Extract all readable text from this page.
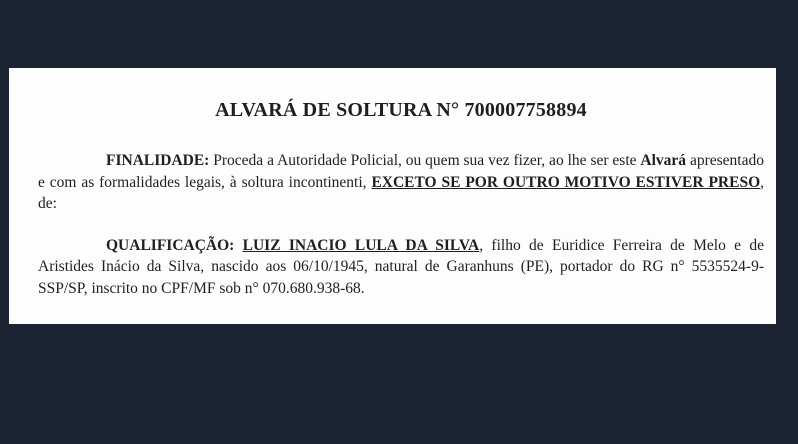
ALVARÁ DE SOLTURA N° 700007758894

FINALIDADE: Proceda a Autoridade Policial, ou quem sua vez fizer, ao lhe ser este Alvará apresentado e com as formalidades legais, à soltura incontinenti, EXCETO SE POR OUTRO MOTIVO ESTIVER PRESO, de:

QUALIFICAÇÃO: LUIZ INACIO LULA DA SILVA, filho de Euridice Ferreira de Melo e de Aristides Inácio da Silva, nascido aos 06/10/1945, natural de Garanhuns (PE), portador do RG n° 5535524-9-SSP/SP, inscrito no CPF/MF sob n° 070.680.938-68.
